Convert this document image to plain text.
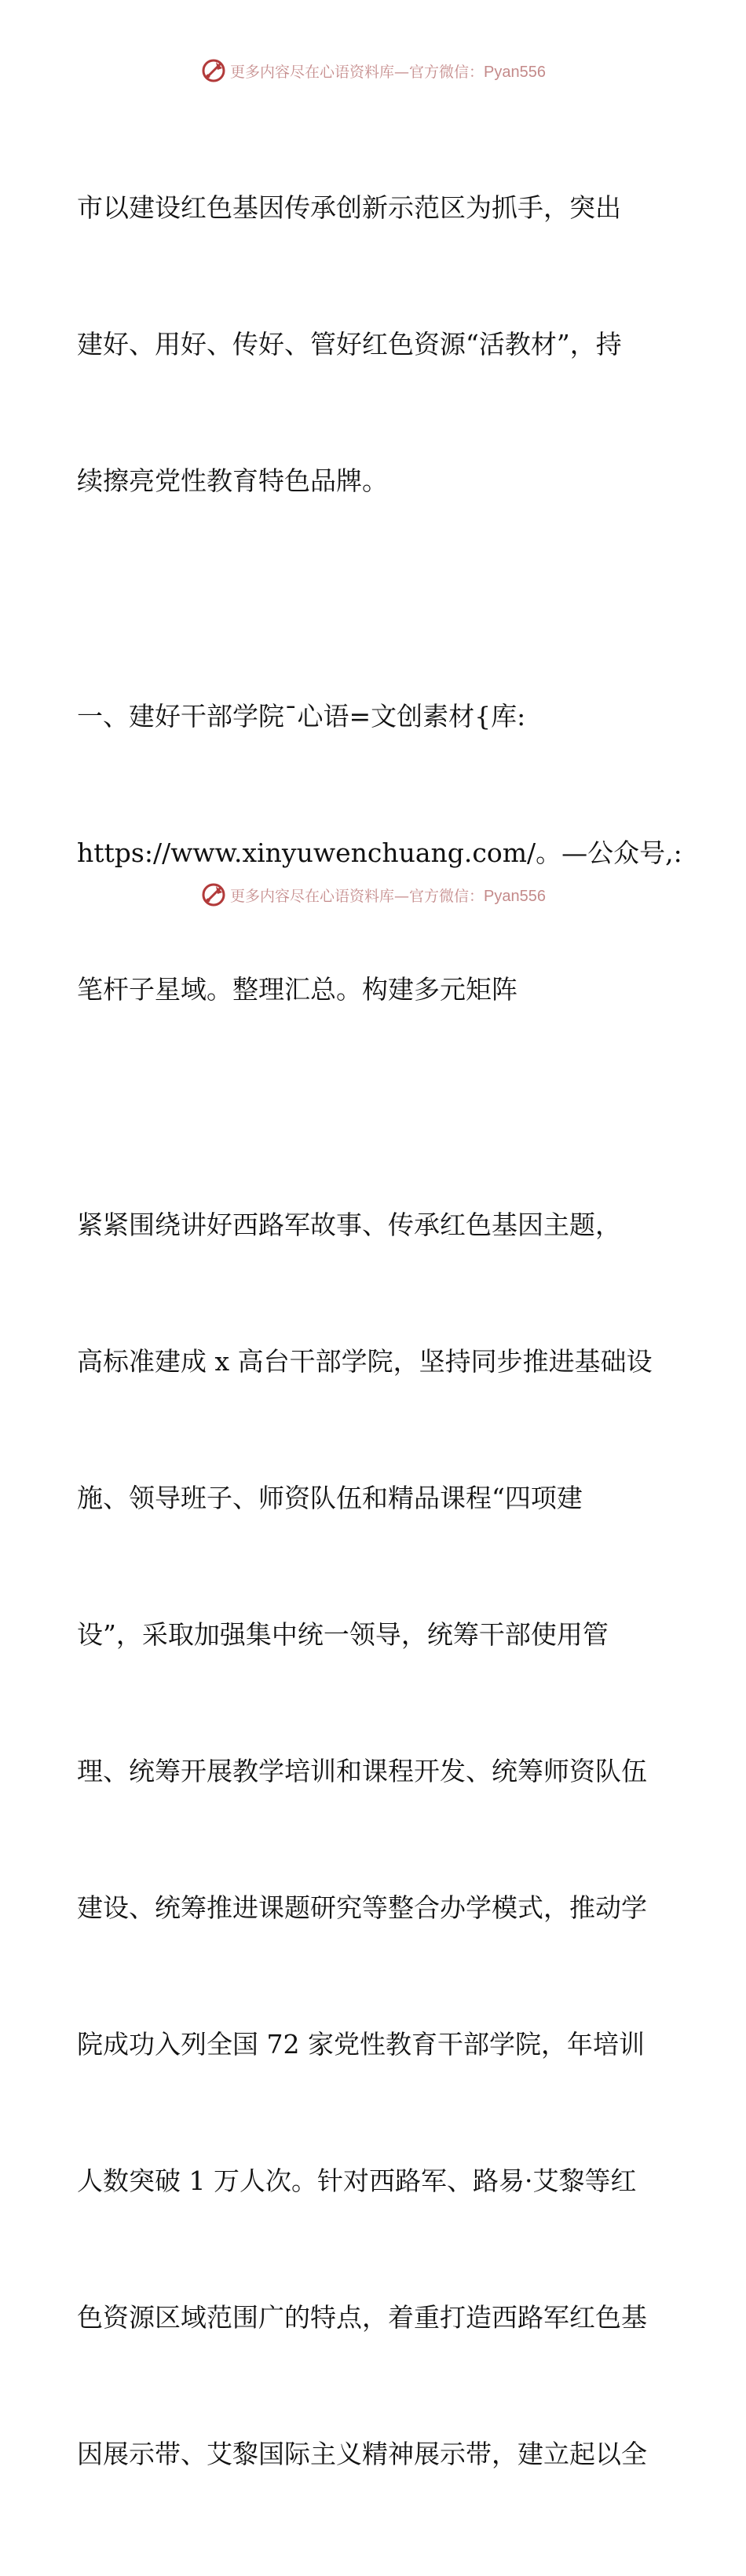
更多内容尽在心语资料库—官方微信：Pyan556

市以建设红色基因传承创新示范区为抓手，突出

建好、用好、传好、管好红色资源“活教材”，持

续擦亮党性教育特色品牌。

一、建好干部学院¯心语=文创素材{库:

https://www.xinyuwenchuang.com/。—公众号,:

笔杆子星域。整理汇总。构建多元矩阵

紧紧围绕讲好西路军故事、传承红色基因主题，

高标准建成 x 高台干部学院，坚持同步推进基础设

施、领导班子、师资队伍和精品课程“四项建

设”，采取加强集中统一领导，统筹干部使用管

理、统筹开展教学培训和课程开发、统筹师资队伍

建设、统筹推进课题研究等整合办学模式，推动学

院成功入列全国 72 家党性教育干部学院，年培训

人数突破 1 万人次。针对西路军、路易·艾黎等红

色资源区域范围广的特点，着重打造西路军红色基

因展示带、艾黎国际主义精神展示带，建立起以全

更多内容尽在心语资料库—官方微信：Pyan556
